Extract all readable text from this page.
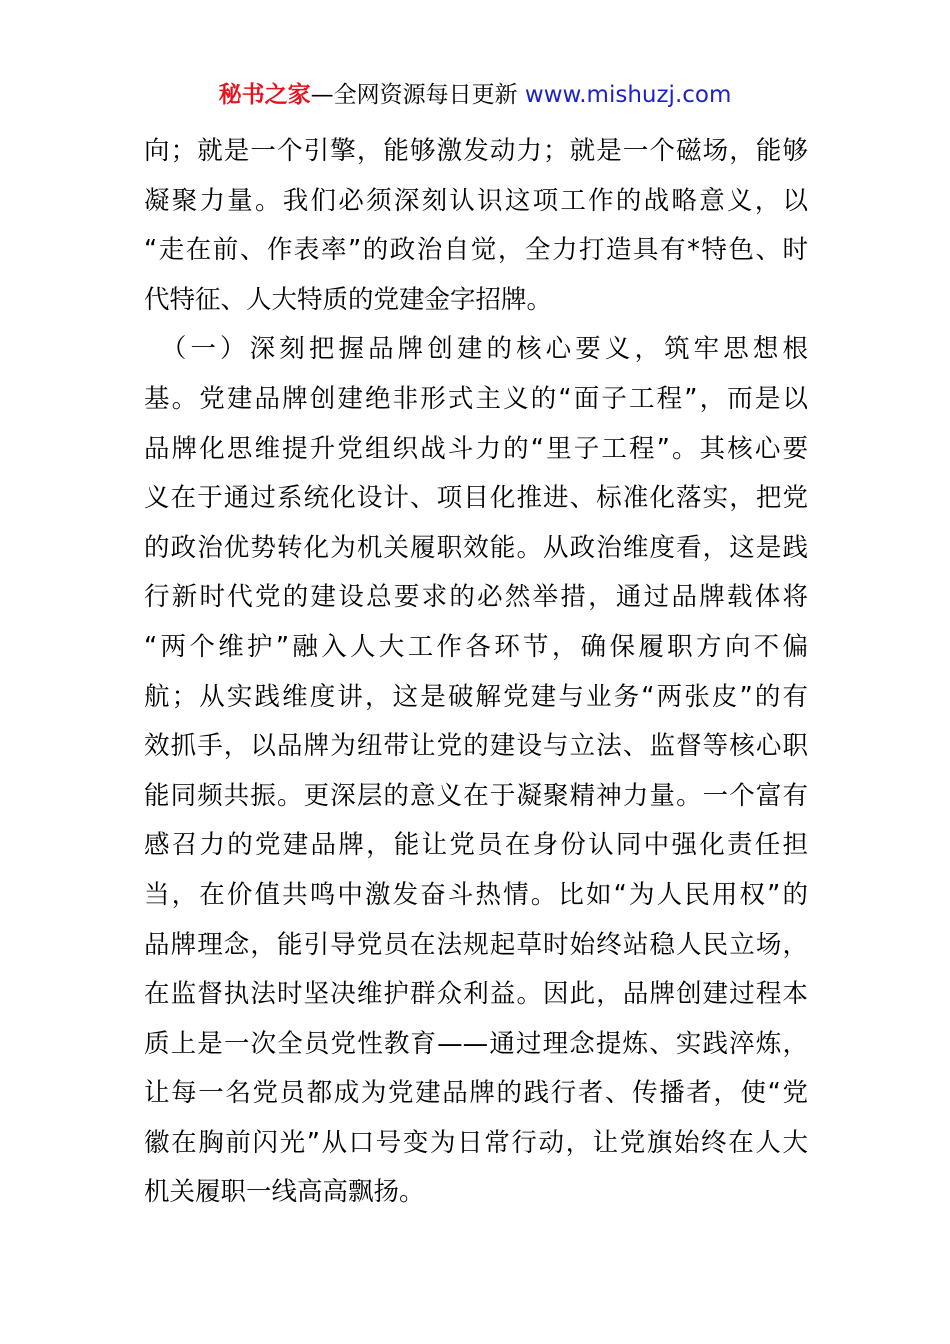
秘书之家—全网资源每日更新 www.mishuzj.com
向；就是一个引擎，能够激发动力；就是一个磁场，能够
凝聚力量。我们必须深刻认识这项工作的战略意义，以
“走在前、作表率”的政治自觉，全力打造具有*特色、时
代特征、人大特质的党建金字招牌。
　（一）深刻把握品牌创建的核心要义，筑牢思想根
基。党建品牌创建绝非形式主义的“面子工程”，而是以
品牌化思维提升党组织战斗力的“里子工程”。其核心要
义在于通过系统化设计、项目化推进、标准化落实，把党
的政治优势转化为机关履职效能。从政治维度看，这是践
行新时代党的建设总要求的必然举措，通过品牌载体将
“两个维护”融入人大工作各环节，确保履职方向不偏
航；从实践维度讲，这是破解党建与业务“两张皮”的有
效抓手，以品牌为纽带让党的建设与立法、监督等核心职
能同频共振。更深层的意义在于凝聚精神力量。一个富有
感召力的党建品牌，能让党员在身份认同中强化责任担
当，在价值共鸣中激发奋斗热情。比如“为人民用权”的
品牌理念，能引导党员在法规起草时始终站稳人民立场，
在监督执法时坚决维护群众利益。因此，品牌创建过程本
质上是一次全员党性教育——通过理念提炼、实践淬炼，
让每一名党员都成为党建品牌的践行者、传播者，使“党
徽在胸前闪光”从口号变为日常行动，让党旗始终在人大
机关履职一线高高飘扬。
